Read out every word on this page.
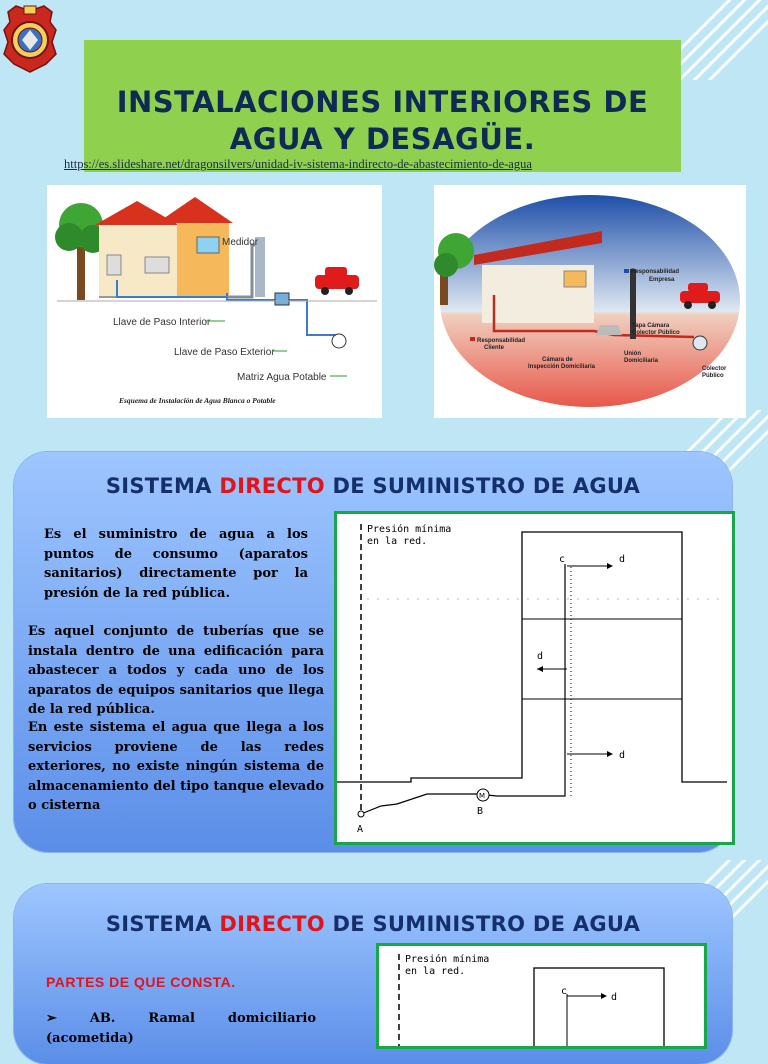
INSTALACIONES INTERIORES DE
AGUA Y DESAGÜE.
https://es.slideshare.net/dragonsilvers/unidad-iv-sistema-indirecto-de-abastecimiento-de-agua
Medidor
Llave de Paso Interior
Llave de Paso Exterior
Matriz Agua Potable
Esquema de Instalación de Agua Blanca o Potable
Responsabilidad
Empresa
Tapa Cámara
Colector Público
Responsabilidad
Cliente
Cámara de
Inspección Domiciliaria
Unión
Domiciliaria
Colector
Público
SISTEMA DIRECTO DE SUMINISTRO DE AGUA
Es el suministro de agua a los puntos de consumo (aparatos sanitarios) directamente por la presión de la red pública.
Es aquel conjunto de tuberías que se instala dentro de una edificación para abastecer a todos y cada uno de los aparatos de equipos sanitarios que llega de la red pública.
En este sistema el agua que llega a los servicios proviene de las redes exteriores, no existe ningún sistema de almacenamiento del tipo tanque elevado o cisterna
Presión mínima
en la red.
M
B
A
c	d
d
d
SISTEMA DIRECTO DE SUMINISTRO DE AGUA
PARTES DE QUE CONSTA.
➢ AB. Ramal domiciliario (acometida)
Presión mínima
en la red.
c
d
